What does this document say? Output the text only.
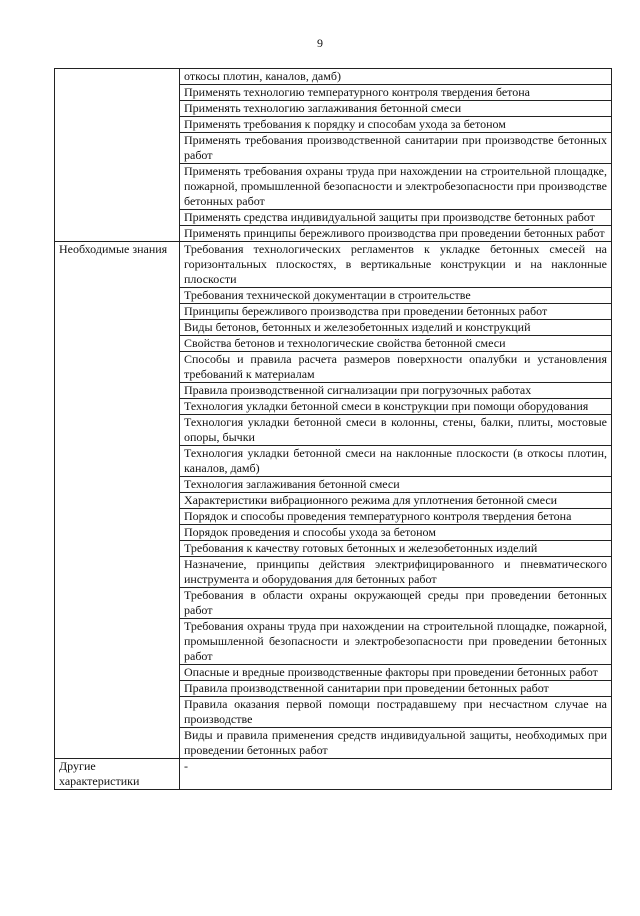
9
	откосы плотин, каналов, дамб)
	Применять технологию температурного контроля твердения бетона
	Применять технологию заглаживания бетонной смеси
	Применять требования к порядку и способам ухода за бетоном
	Применять требования производственной санитарии при производстве бетонных работ
	Применять требования охраны труда при нахождении на строительной площадке, пожарной, промышленной безопасности и электробезопасности при производстве бетонных работ
	Применять средства индивидуальной защиты при производстве бетонных работ
	Применять принципы бережливого производства при проведении бетонных работ

Необходимые знания	Требования технологических регламентов к укладке бетонных смесей на горизонтальных плоскостях, в вертикальные конструкции и на наклонные плоскости
	Требования технической документации в строительстве
	Принципы бережливого производства при проведении бетонных работ
	Виды бетонов, бетонных и железобетонных изделий и конструкций
	Свойства бетонов и технологические свойства бетонной смеси
	Способы и правила расчета размеров поверхности опалубки и установления требований к материалам
	Правила производственной сигнализации при погрузочных работах
	Технология укладки бетонной смеси в конструкции при помощи оборудования
	Технология укладки бетонной смеси в колонны, стены, балки, плиты, мостовые опоры, бычки
	Технология укладки бетонной смеси на наклонные плоскости (в откосы плотин, каналов, дамб)
	Технология заглаживания бетонной смеси
	Характеристики вибрационного режима для уплотнения бетонной смеси
	Порядок и способы проведения температурного контроля твердения бетона
	Порядок проведения и способы ухода за бетоном
	Требования к качеству готовых бетонных и железобетонных изделий
	Назначение, принципы действия электрифицированного и пневматического инструмента и оборудования для бетонных работ
	Требования в области охраны окружающей среды при проведении бетонных работ
	Требования охраны труда при нахождении на строительной площадке, пожарной, промышленной безопасности и электробезопасности при проведении бетонных работ
	Опасные и вредные производственные факторы при проведении бетонных работ
	Правила производственной санитарии при проведении бетонных работ
	Правила оказания первой помощи пострадавшему при несчастном случае на производстве
	Виды и правила применения средств индивидуальной защиты, необходимых при проведении бетонных работ

Другие характеристики	-
